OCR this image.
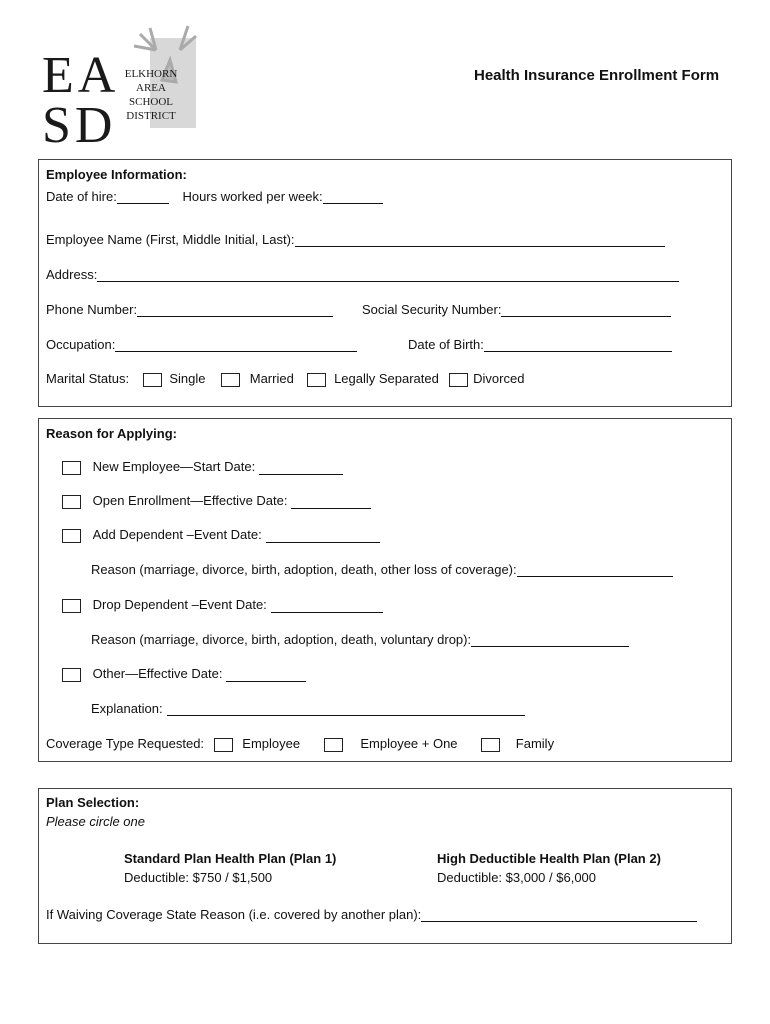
EA
SD
ELKHORN
AREA
SCHOOL
DISTRICT
Health Insurance Enrollment Form
Employee Information:
Date of hire:	Hours worked per week:
Employee Name (First, Middle Initial, Last):
Address:
Phone Number:	Social Security Number:
Occupation:	Date of Birth:
Marital Status:	Single	Married	Legally Separated	Divorced
Reason for Applying:
New Employee—Start Date:
Open Enrollment—Effective Date:
Add Dependent –Event Date:
Reason (marriage, divorce, birth, adoption, death, other loss of coverage):
Drop Dependent –Event Date:
Reason (marriage, divorce, birth, adoption, death, voluntary drop):
Other—Effective Date:
Explanation:
Coverage Type Requested:	Employee	Employee + One	Family
Plan Selection:
Please circle one
Standard Plan Health Plan (Plan 1)
Deductible: $750 / $1,500
High Deductible Health Plan (Plan 2)
Deductible: $3,000 / $6,000
If Waiving Coverage State Reason (i.e. covered by another plan):
